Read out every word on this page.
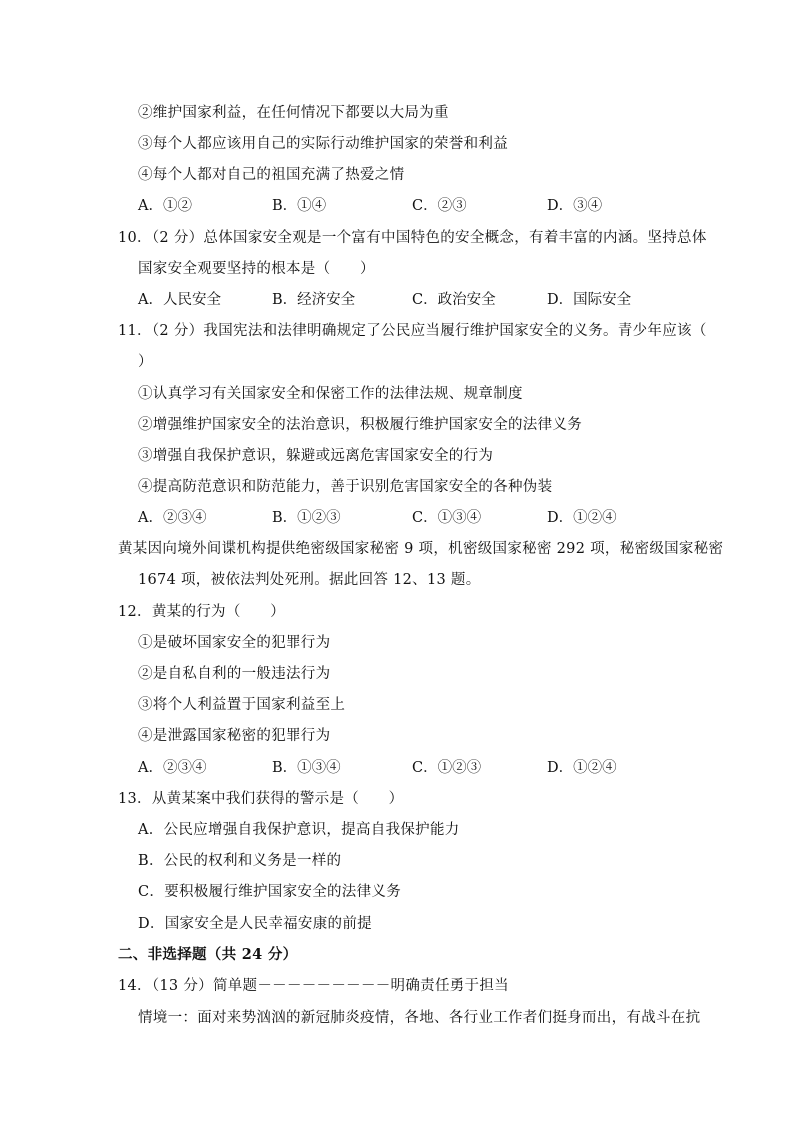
②维护国家利益，在任何情况下都要以大局为重
③每个人都应该用自己的实际行动维护国家的荣誉和利益
④每个人都对自己的祖国充满了热爱之情
A．①②	B．①④	C．②③	D．③④
10．（2 分）总体国家安全观是一个富有中国特色的安全概念，有着丰富的内涵。坚持总体
国家安全观要坚持的根本是（　　）
A．人民安全	B．经济安全	C．政治安全	D．国际安全
11．（2 分）我国宪法和法律明确规定了公民应当履行维护国家安全的义务。青少年应该（
）
①认真学习有关国家安全和保密工作的法律法规、规章制度
②增强维护国家安全的法治意识，积极履行维护国家安全的法律义务
③增强自我保护意识，躲避或远离危害国家安全的行为
④提高防范意识和防范能力，善于识别危害国家安全的各种伪装
A．②③④	B．①②③	C．①③④	D．①②④
黄某因向境外间谍机构提供绝密级国家秘密 9 项，机密级国家秘密 292 项，秘密级国家秘密
1674 项，被依法判处死刑。据此回答 12、13 题。
12．黄某的行为（　　）
①是破坏国家安全的犯罪行为
②是自私自利的一般违法行为
③将个人利益置于国家利益至上
④是泄露国家秘密的犯罪行为
A．②③④	B．①③④	C．①②③	D．①②④
13．从黄某案中我们获得的警示是（　　）
A．公民应增强自我保护意识，提高自我保护能力
B．公民的权利和义务是一样的
C．要积极履行维护国家安全的法律义务
D．国家安全是人民幸福安康的前提
二、非选择题（共 24 分）
14．（13 分）简单题－－－－－－－－－明确责任勇于担当
情境一：面对来势汹汹的新冠肺炎疫情，各地、各行业工作者们挺身而出，有战斗在抗
